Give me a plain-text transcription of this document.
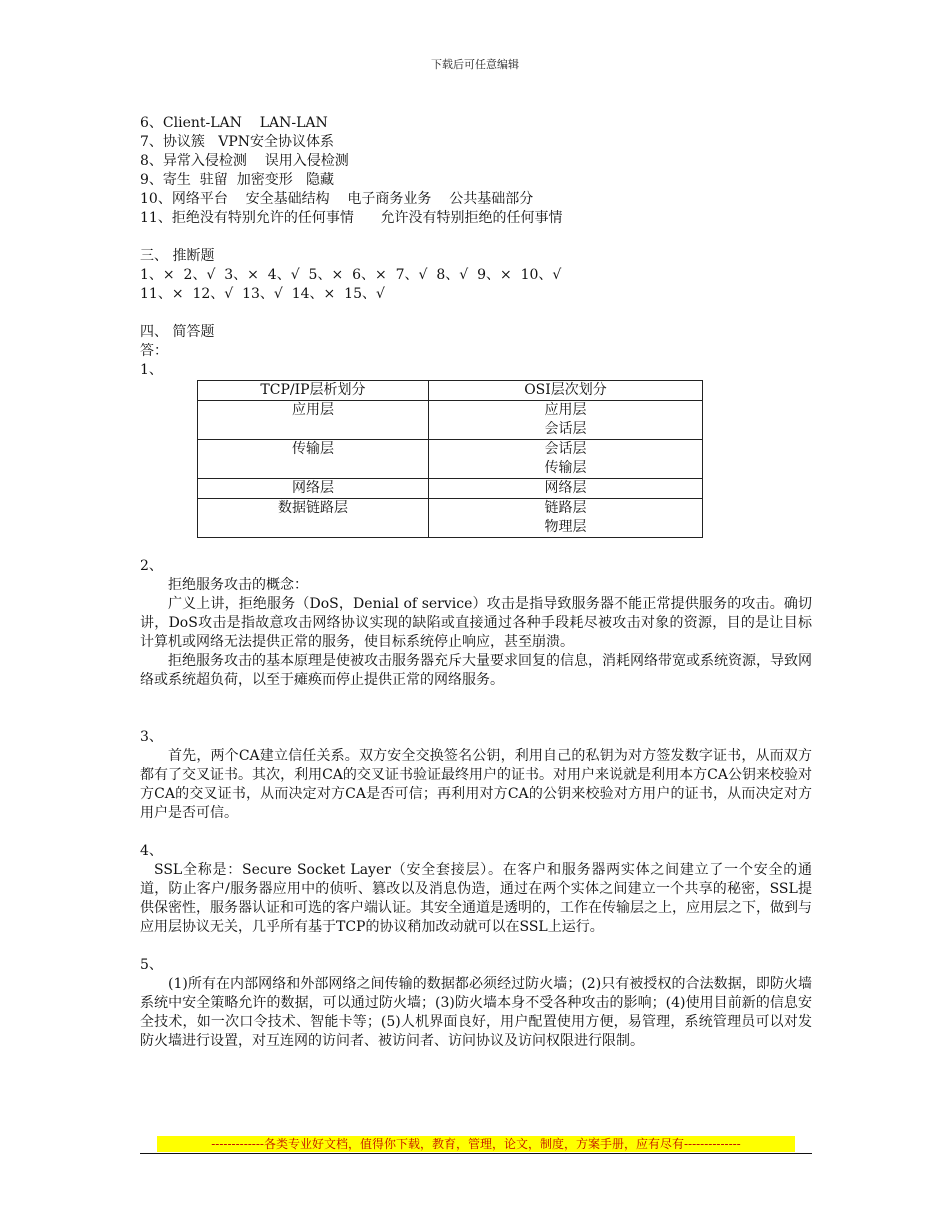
下载后可任意编辑

6、Client-LAN    LAN-LAN

7、协议簇   VPN安全协议体系

8、异常入侵检测    误用入侵检测

9、寄生  驻留  加密变形   隐藏

10、网络平台    安全基础结构    电子商务业务    公共基础部分

11、拒绝没有特别允许的任何事情      允许没有特别拒绝的任何事情

三、 推断题

1、×  2、√  3、×  4、√  5、×  6、×  7、√  8、√  9、×  10、√

11、×  12、√  13、√  14、×  15、√

四、 简答题

答：

1、

TCP/IP层析划分	OSI层次划分
应用层	应用层
会话层

传输层	会话层
传输层

网络层	网络层

数据链路层	链路层
物理层

2、

拒绝服务攻击的概念：

广义上讲，拒绝服务（DoS，Denial of service）攻击是指导致服务器不能正常提供服务的攻击。确切讲，DoS攻击是指故意攻击网络协议实现的缺陷或直接通过各种手段耗尽被攻击对象的资源，目的是让目标计算机或网络无法提供正常的服务，使目标系统停止响应，甚至崩溃。

拒绝服务攻击的基本原理是使被攻击服务器充斥大量要求回复的信息，消耗网络带宽或系统资源，导致网络或系统超负荷，以至于瘫痪而停止提供正常的网络服务。

3、

首先，两个CA建立信任关系。双方安全交换签名公钥，利用自己的私钥为对方签发数字证书，从而双方都有了交叉证书。其次，利用CA的交叉证书验证最终用户的证书。对用户来说就是利用本方CA公钥来校验对方CA的交叉证书，从而决定对方CA是否可信；再利用对方CA的公钥来校验对方用户的证书，从而决定对方用户是否可信。

4、

SSL全称是：Secure Socket Layer（安全套接层）。在客户和服务器两实体之间建立了一个安全的通道，防止客户/服务器应用中的侦听、篡改以及消息伪造，通过在两个实体之间建立一个共享的秘密，SSL提供保密性，服务器认证和可选的客户端认证。其安全通道是透明的，工作在传输层之上，应用层之下，做到与应用层协议无关，几乎所有基于TCP的协议稍加改动就可以在SSL上运行。

5、

(1)所有在内部网络和外部网络之间传输的数据都必须经过防火墙；(2)只有被授权的合法数据，即防火墙系统中安全策略允许的数据，可以通过防火墙；(3)防火墙本身不受各种攻击的影响；(4)使用目前新的信息安全技术，如一次口令技术、智能卡等；(5)人机界面良好，用户配置使用方便，易管理，系统管理员可以对发防火墙进行设置，对互连网的访问者、被访问者、访问协议及访问权限进行限制。

-------------各类专业好文档，值得你下载，教育，管理，论文，制度，方案手册，应有尽有--------------
